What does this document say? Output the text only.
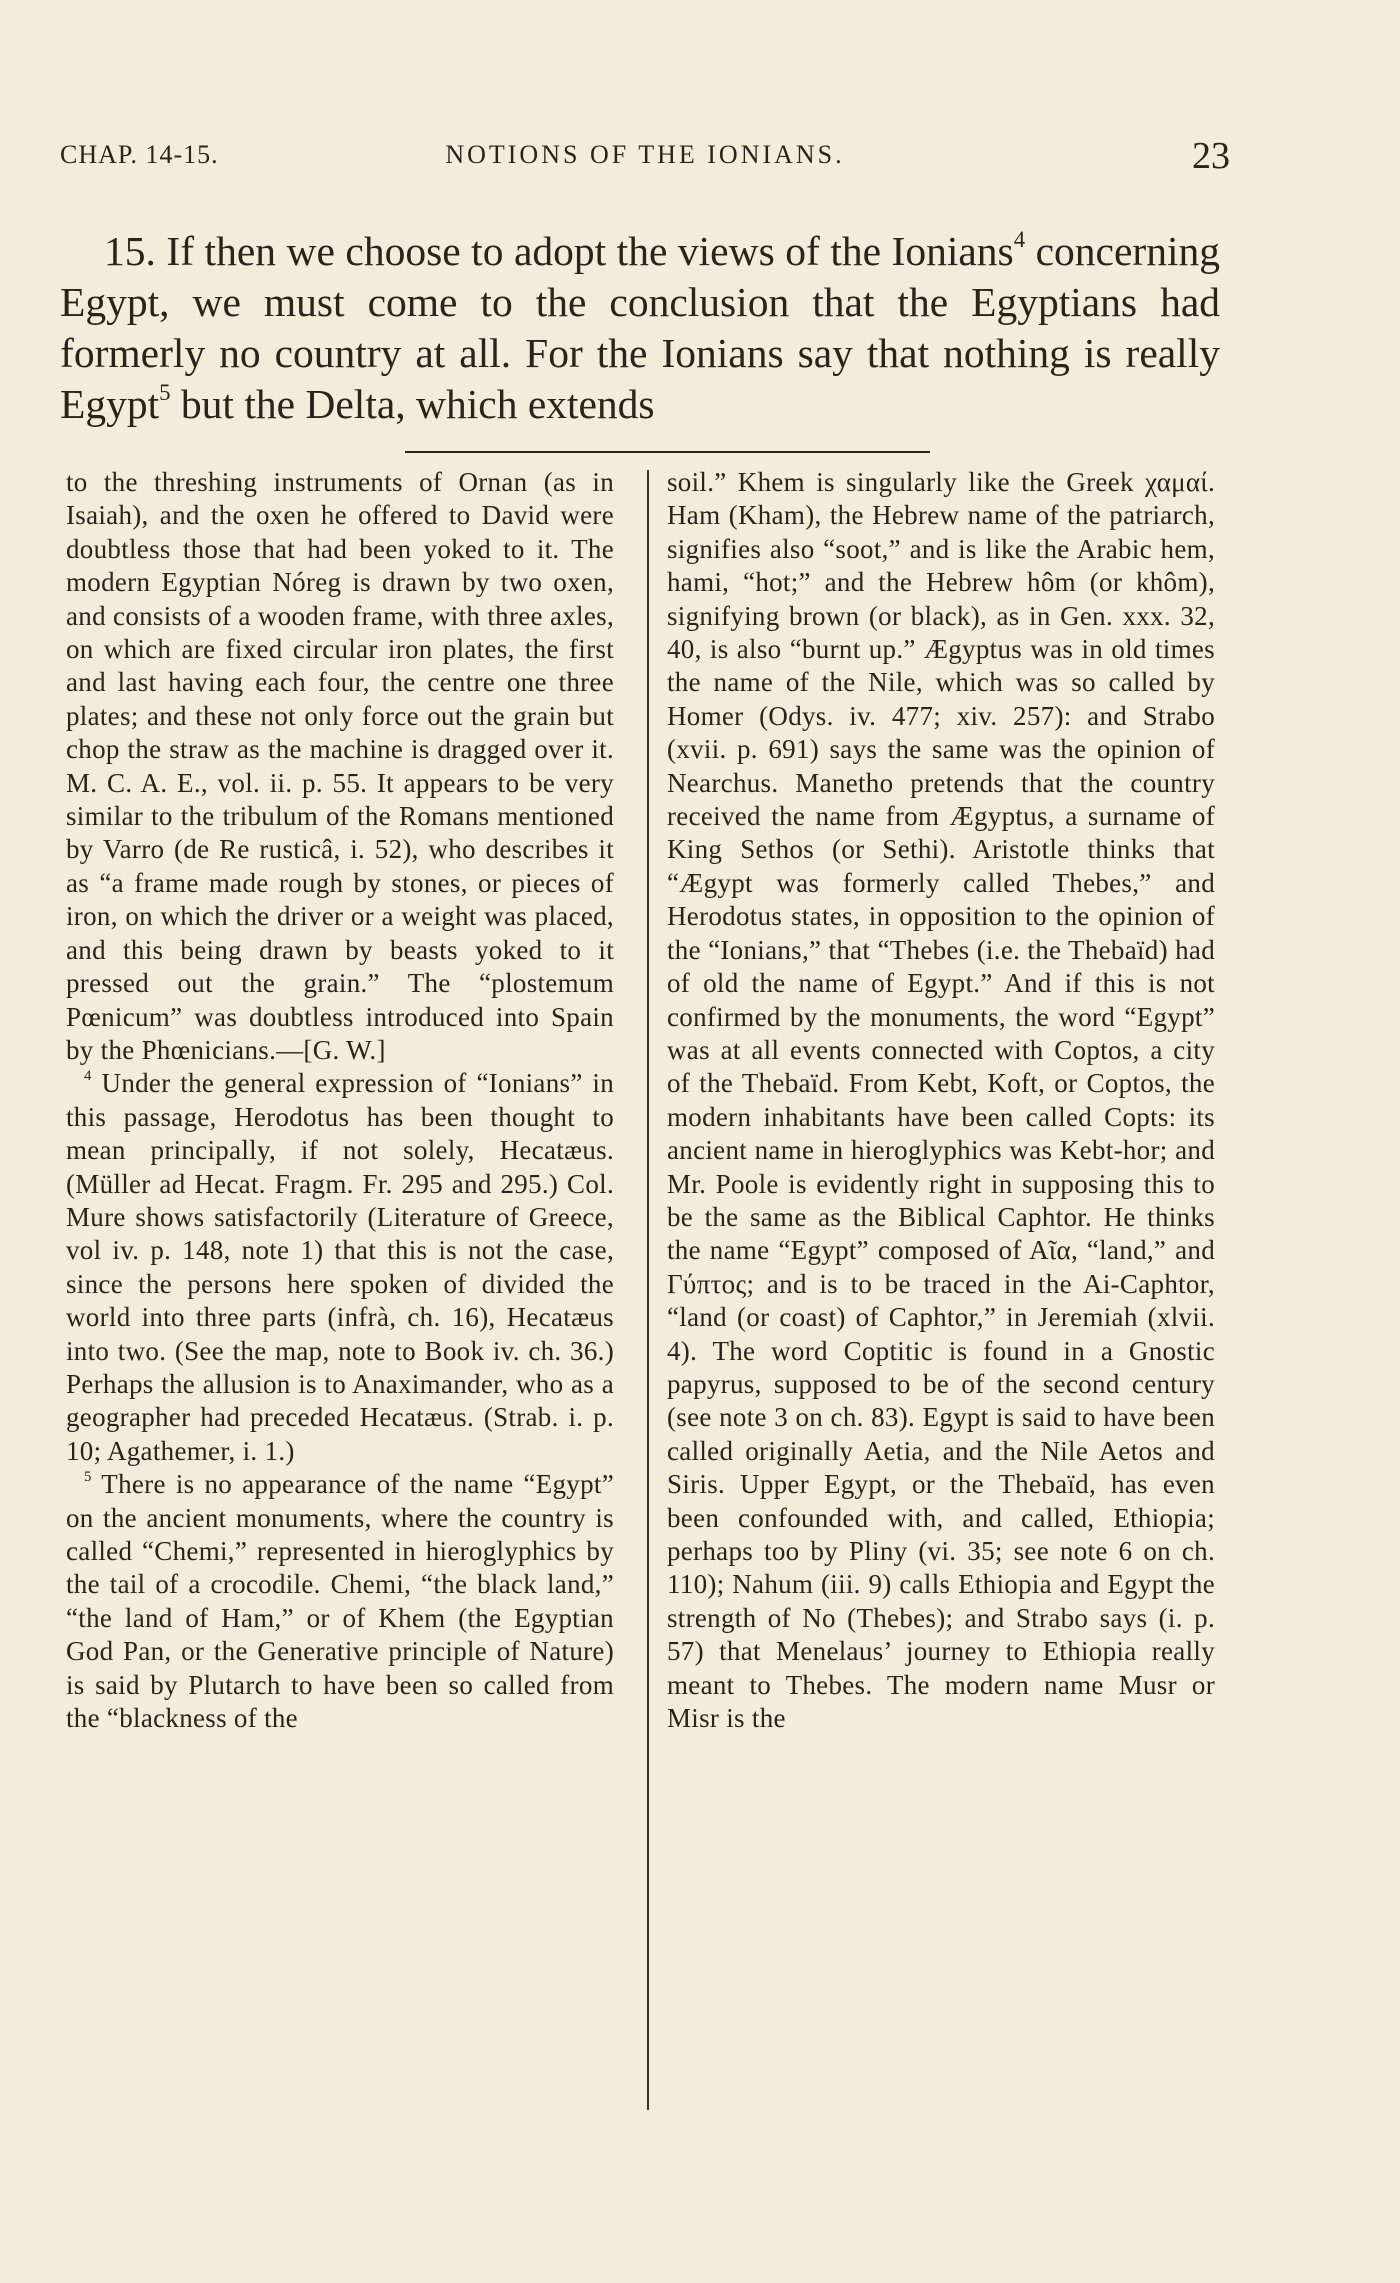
CHAP. 14-15.	NOTIONS OF THE IONIANS.	23

15. If then we choose to adopt the views of the Ionians$^4$ concerning Egypt, we must come to the conclusion that the Egyptians had formerly no country at all. For the Ionians say that nothing is really Egypt$^5$ but the Delta, which extends

to the threshing instruments of Ornan (as in Isaiah), and the oxen he offered to David were doubtless those that had been yoked to it. The modern Egyptian Nóreg is drawn by two oxen, and consists of a wooden frame, with three axles, on which are fixed circular iron plates, the first and last having each four, the centre one three plates; and these not only force out the grain but chop the straw as the machine is dragged over it. M. C. A. E., vol. ii. p. 55. It appears to be very similar to the tribulum of the Romans mentioned by Varro (de Re rusticâ, i. 52), who describes it as “a frame made rough by stones, or pieces of iron, on which the driver or a weight was placed, and this being drawn by beasts yoked to it pressed out the grain.” The “plostemum Pœnicum” was doubtless introduced into Spain by the Phœnicians.—[G. W.]

$^4$ Under the general expression of “Ionians” in this passage, Herodotus has been thought to mean principally, if not solely, Hecatæus. (Müller ad Hecat. Fragm. Fr. 295 and 295.) Col. Mure shows satisfactorily (Literature of Greece, vol iv. p. 148, note 1) that this is not the case, since the persons here spoken of divided the world into three parts (infrà, ch. 16), Hecatæus into two. (See the map, note to Book iv. ch. 36.) Perhaps the allusion is to Anaximander, who as a geographer had preceded Hecatæus. (Strab. i. p. 10; Agathemer, i. 1.)

$^5$ There is no appearance of the name “Egypt” on the ancient monuments, where the country is called “Chemi,” represented in hieroglyphics by the tail of a crocodile. Chemi, “the black land,” “the land of Ham,” or of Khem (the Egyptian God Pan, or the Generative principle of Nature) is said by Plutarch to have been so called from the “blackness of the

soil.” Khem is singularly like the Greek χαμαί. Ham (Kham), the Hebrew name of the patriarch, signifies also “soot,” and is like the Arabic hem, hami, “hot;” and the Hebrew hôm (or khôm), signifying brown (or black), as in Gen. xxx. 32, 40, is also “burnt up.” Ægyptus was in old times the name of the Nile, which was so called by Homer (Odys. iv. 477; xiv. 257): and Strabo (xvii. p. 691) says the same was the opinion of Nearchus. Manetho pretends that the country received the name from Ægyptus, a surname of King Sethos (or Sethi). Aristotle thinks that “Ægypt was formerly called Thebes,” and Herodotus states, in opposition to the opinion of the “Ionians,” that “Thebes (i.e. the Thebaïd) had of old the name of Egypt.” And if this is not confirmed by the monuments, the word “Egypt” was at all events connected with Coptos, a city of the Thebaïd. From Kebt, Koft, or Coptos, the modern inhabitants have been called Copts: its ancient name in hieroglyphics was Kebt-hor; and Mr. Poole is evidently right in supposing this to be the same as the Biblical Caphtor. He thinks the name “Egypt” composed of Aῖα, “land,” and Γύπτος; and is to be traced in the Ai-Caphtor, “land (or coast) of Caphtor,” in Jeremiah (xlvii. 4). The word Coptitic is found in a Gnostic papyrus, supposed to be of the second century (see note 3 on ch. 83). Egypt is said to have been called originally Aetia, and the Nile Aetos and Siris. Upper Egypt, or the Thebaïd, has even been confounded with, and called, Ethiopia; perhaps too by Pliny (vi. 35; see note 6 on ch. 110); Nahum (iii. 9) calls Ethiopia and Egypt the strength of No (Thebes); and Strabo says (i. p. 57) that Menelaus’ journey to Ethiopia really meant to Thebes. The modern name Musr or Misr is the
